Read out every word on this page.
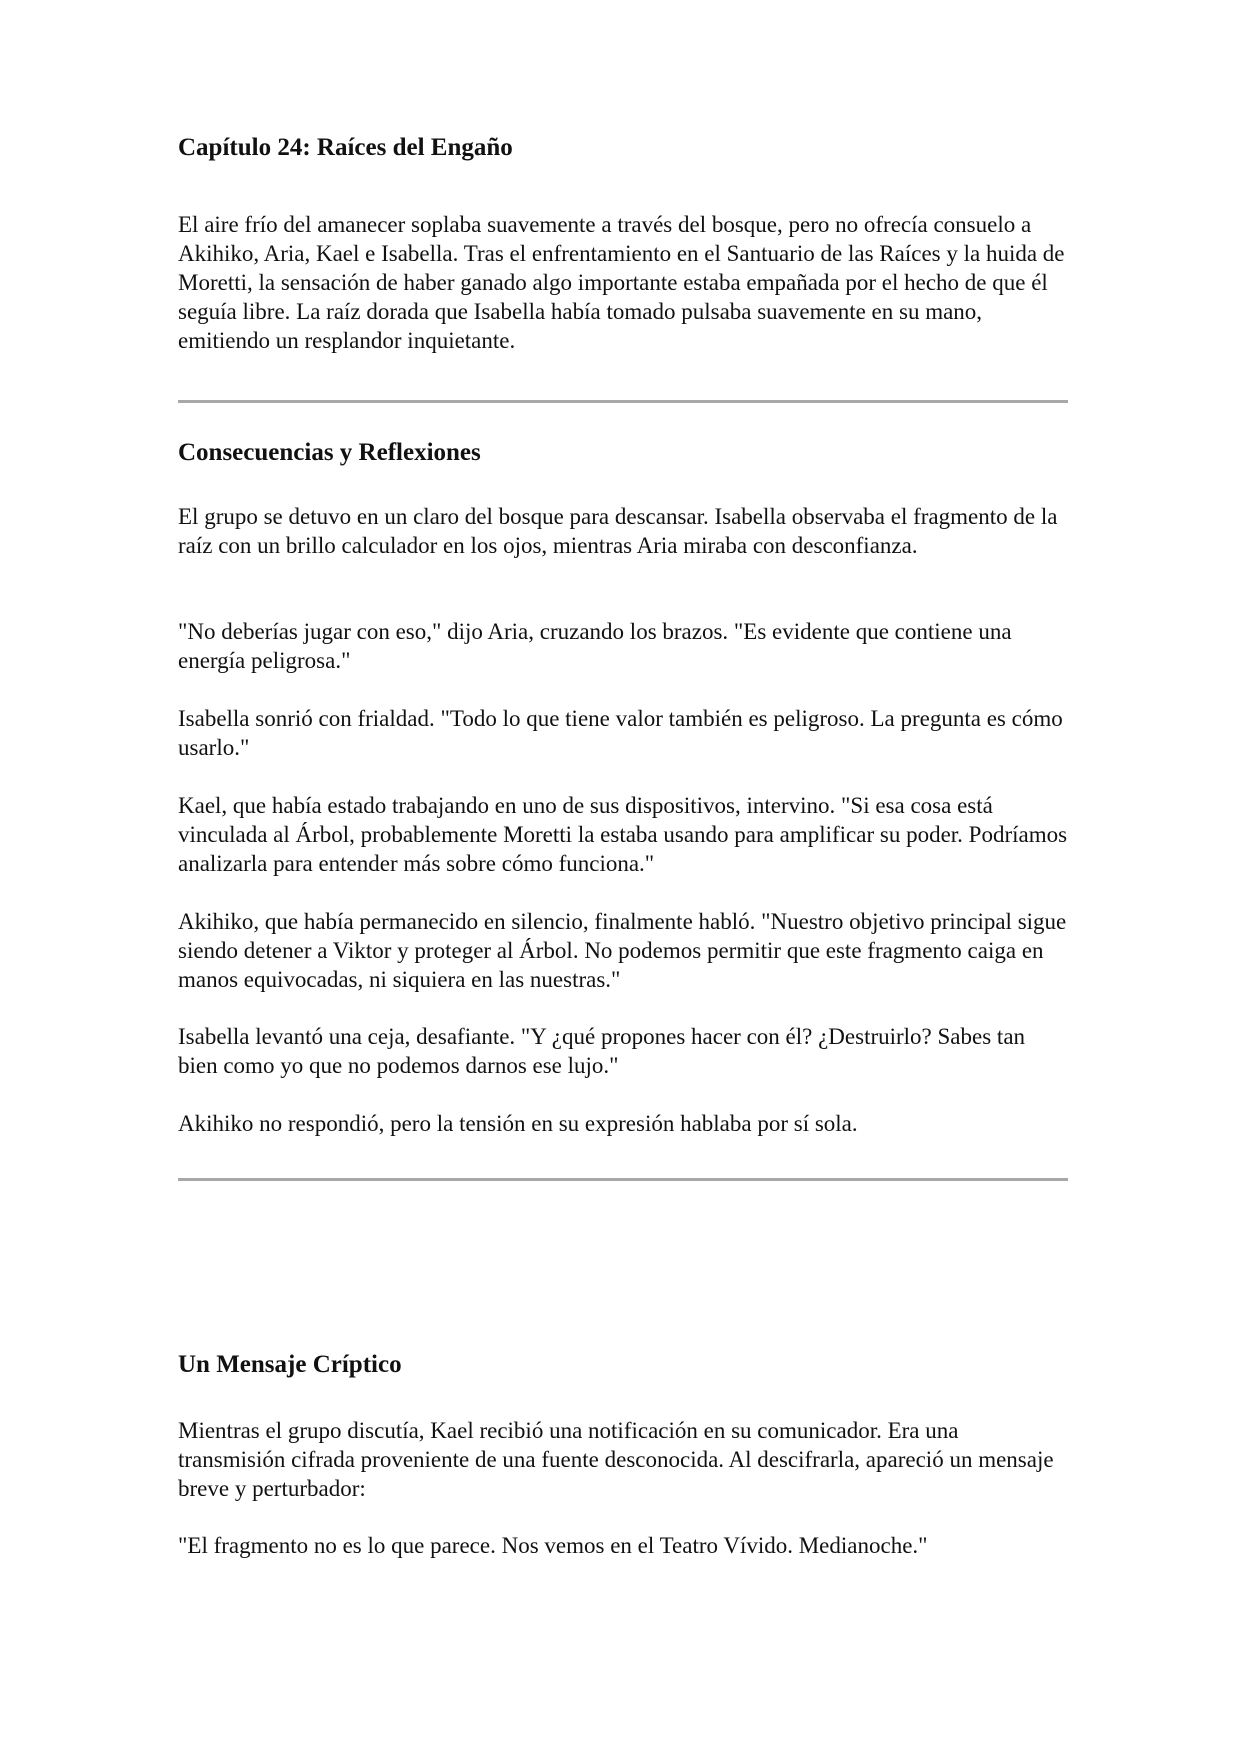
Capítulo 24: Raíces del Engaño

El aire frío del amanecer soplaba suavemente a través del bosque, pero no ofrecía consuelo a Akihiko, Aria, Kael e Isabella. Tras el enfrentamiento en el Santuario de las Raíces y la huida de Moretti, la sensación de haber ganado algo importante estaba empañada por el hecho de que él seguía libre. La raíz dorada que Isabella había tomado pulsaba suavemente en su mano, emitiendo un resplandor inquietante.

Consecuencias y Reflexiones

El grupo se detuvo en un claro del bosque para descansar. Isabella observaba el fragmento de la raíz con un brillo calculador en los ojos, mientras Aria miraba con desconfianza.

"No deberías jugar con eso," dijo Aria, cruzando los brazos. "Es evidente que contiene una energía peligrosa."

Isabella sonrió con frialdad. "Todo lo que tiene valor también es peligroso. La pregunta es cómo usarlo."

Kael, que había estado trabajando en uno de sus dispositivos, intervino. "Si esa cosa está vinculada al Árbol, probablemente Moretti la estaba usando para amplificar su poder. Podríamos analizarla para entender más sobre cómo funciona."

Akihiko, que había permanecido en silencio, finalmente habló. "Nuestro objetivo principal sigue siendo detener a Viktor y proteger al Árbol. No podemos permitir que este fragmento caiga en manos equivocadas, ni siquiera en las nuestras."

Isabella levantó una ceja, desafiante. "Y ¿qué propones hacer con él? ¿Destruirlo? Sabes tan bien como yo que no podemos darnos ese lujo."

Akihiko no respondió, pero la tensión en su expresión hablaba por sí sola.

Un Mensaje Críptico

Mientras el grupo discutía, Kael recibió una notificación en su comunicador. Era una transmisión cifrada proveniente de una fuente desconocida. Al descifrarla, apareció un mensaje breve y perturbador:

"El fragmento no es lo que parece. Nos vemos en el Teatro Vívido. Medianoche."
